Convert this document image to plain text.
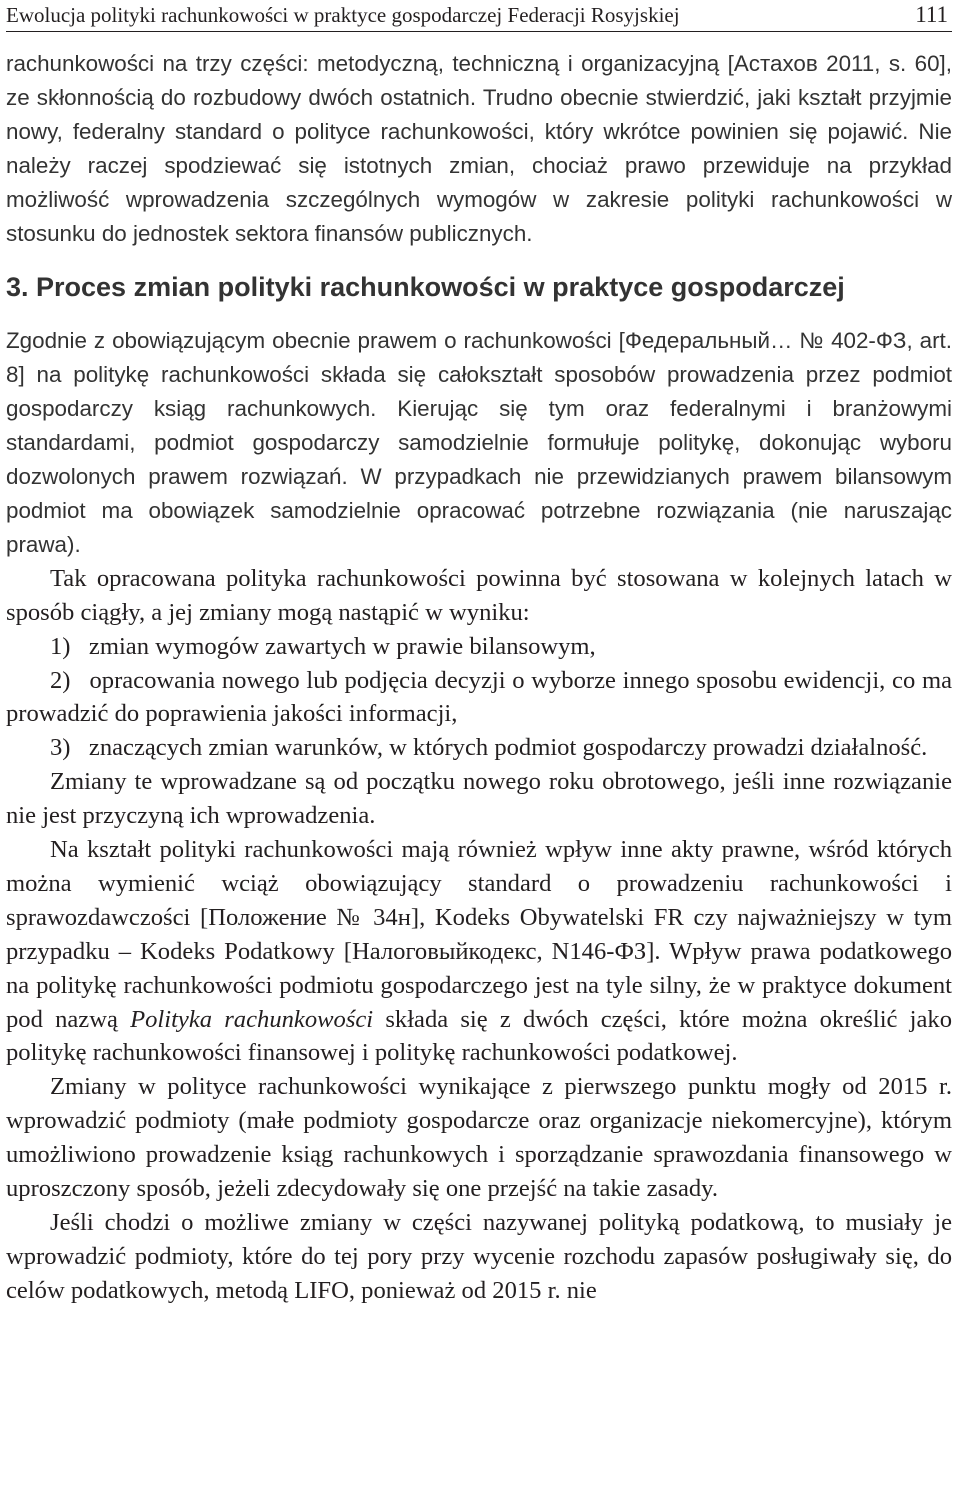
Ewolucja polityki rachunkowości w praktyce gospodarczej Federacji Rosyjskiej	111

rachunkowości na trzy części: metodyczną, techniczną i organizacyjną [Астахов 2011, s. 60], ze skłonnością do rozbudowy dwóch ostatnich. Trudno obecnie stwierdzić, jaki kształt przyjmie nowy, federalny standard o polityce rachunkowości, który wkrótce powinien się pojawić. Nie należy raczej spodziewać się istotnych zmian, chociaż prawo przewiduje na przykład możliwość wprowadzenia szczególnych wymogów w zakresie polityki rachunkowości w stosunku do jednostek sektora finansów publicznych.

3. Proces zmian polityki rachunkowości w praktyce gospodarczej

Zgodnie z obowiązującym obecnie prawem o rachunkowości [Федеральный… № 402-ФЗ, art. 8] na politykę rachunkowości składa się całokształt sposobów prowadzenia przez podmiot gospodarczy ksiąg rachunkowych. Kierując się tym oraz federalnymi i branżowymi standardami, podmiot gospodarczy samodzielnie formułuje politykę, dokonując wyboru dozwolonych prawem rozwiązań. W przypadkach nie przewidzianych prawem bilansowym podmiot ma obowiązek samodzielnie opracować potrzebne rozwiązania (nie naruszając prawa).

Tak opracowana polityka rachunkowości powinna być stosowana w kolejnych latach w sposób ciągły, a jej zmiany mogą nastąpić w wyniku:

1)  zmian wymogów zawartych w prawie bilansowym,

2)  opracowania nowego lub podjęcia decyzji o wyborze innego sposobu ewidencji, co ma prowadzić do poprawienia jakości informacji,

3)  znaczących zmian warunków, w których podmiot gospodarczy prowadzi działalność.

Zmiany te wprowadzane są od początku nowego roku obrotowego, jeśli inne rozwiązanie nie jest przyczyną ich wprowadzenia.

Na kształt polityki rachunkowości mają również wpływ inne akty prawne, wśród których można wymienić wciąż obowiązujący standard o prowadzeniu rachunkowości i sprawozdawczości [Положение № 34н], Kodeks Obywatelski FR czy najważniejszy w tym przypadku – Kodeks Podatkowy [Налоговыйкодекс, N146-ФЗ]. Wpływ prawa podatkowego na politykę rachunkowości podmiotu gospodarczego jest na tyle silny, że w praktyce dokument pod nazwą Polityka rachunkowości składa się z dwóch części, które można określić jako politykę rachunkowości finansowej i politykę rachunkowości podatkowej.

Zmiany w polityce rachunkowości wynikające z pierwszego punktu mogły od 2015 r. wprowadzić podmioty (małe podmioty gospodarcze oraz organizacje niekomercyjne), którym umożliwiono prowadzenie ksiąg rachunkowych i sporządzanie sprawozdania finansowego w uproszczony sposób, jeżeli zdecydowały się one przejść na takie zasady.

Jeśli chodzi o możliwe zmiany w części nazywanej polityką podatkową, to musiały je wprowadzić podmioty, które do tej pory przy wycenie rozchodu zapasów posługiwały się, do celów podatkowych, metodą LIFO, ponieważ od 2015 r. nie
